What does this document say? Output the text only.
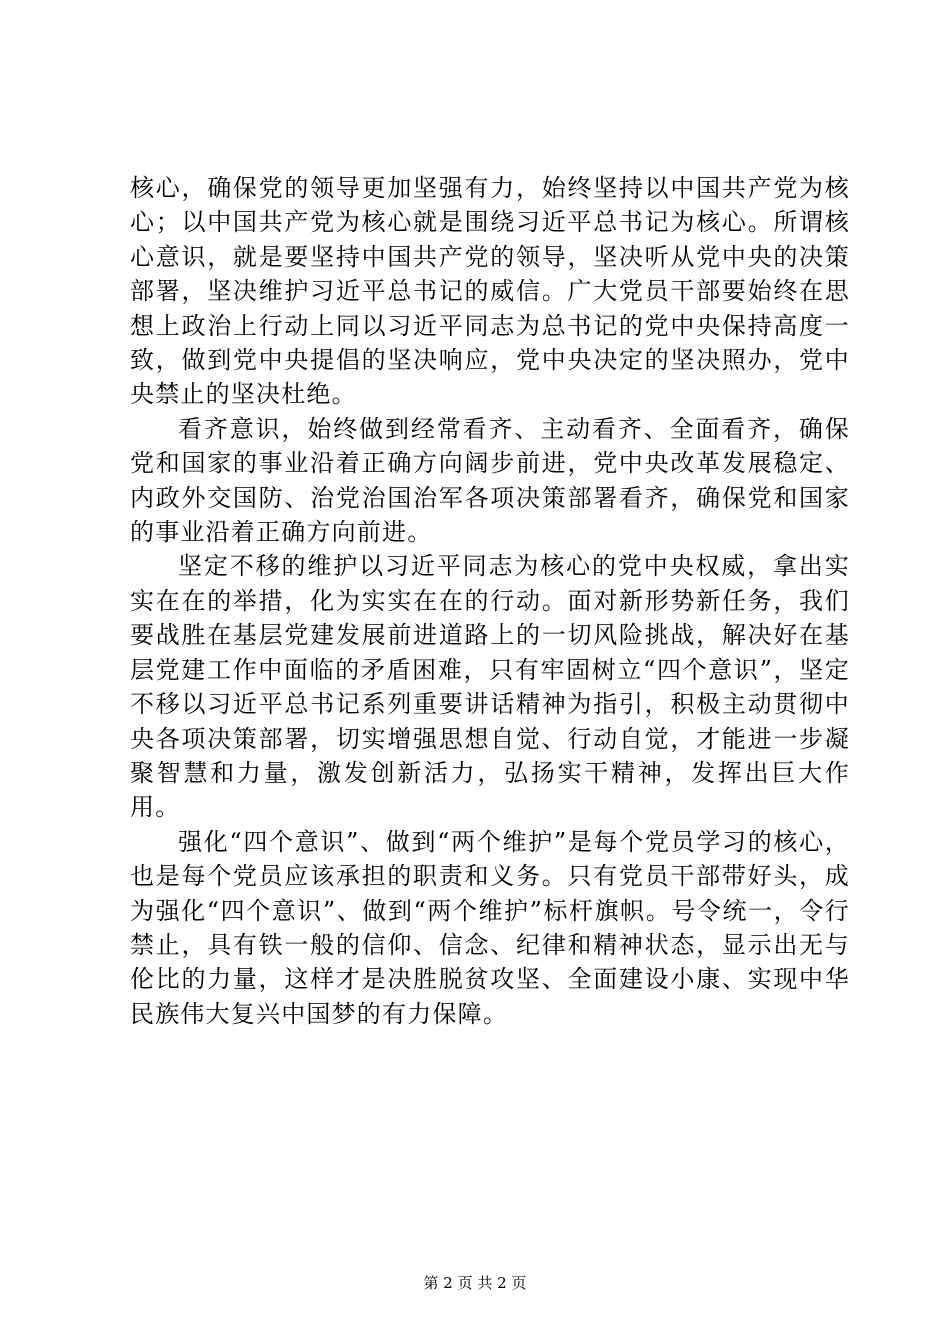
核心，确保党的领导更加坚强有力，始终坚持以中国共产党为核心；以中国共产党为核心就是围绕习近平总书记为核心。所谓核心意识，就是要坚持中国共产党的领导，坚决听从党中央的决策部署，坚决维护习近平总书记的威信。广大党员干部要始终在思想上政治上行动上同以习近平同志为总书记的党中央保持高度一致，做到党中央提倡的坚决响应，党中央决定的坚决照办，党中央禁止的坚决杜绝。

看齐意识，始终做到经常看齐、主动看齐、全面看齐，确保党和国家的事业沿着正确方向阔步前进，党中央改革发展稳定、内政外交国防、治党治国治军各项决策部署看齐，确保党和国家的事业沿着正确方向前进。

坚定不移的维护以习近平同志为核心的党中央权威，拿出实实在在的举措，化为实实在在的行动。面对新形势新任务，我们要战胜在基层党建发展前进道路上的一切风险挑战，解决好在基层党建工作中面临的矛盾困难，只有牢固树立“四个意识”，坚定不移以习近平总书记系列重要讲话精神为指引，积极主动贯彻中央各项决策部署，切实增强思想自觉、行动自觉，才能进一步凝聚智慧和力量，激发创新活力，弘扬实干精神，发挥出巨大作用。

强化“四个意识”、做到“两个维护”是每个党员学习的核心，也是每个党员应该承担的职责和义务。只有党员干部带好头，成为强化“四个意识”、做到“两个维护”标杆旗帜。号令统一，令行禁止，具有铁一般的信仰、信念、纪律和精神状态，显示出无与伦比的力量，这样才是决胜脱贫攻坚、全面建设小康、实现中华民族伟大复兴中国梦的有力保障。

第 2 页 共 2 页
